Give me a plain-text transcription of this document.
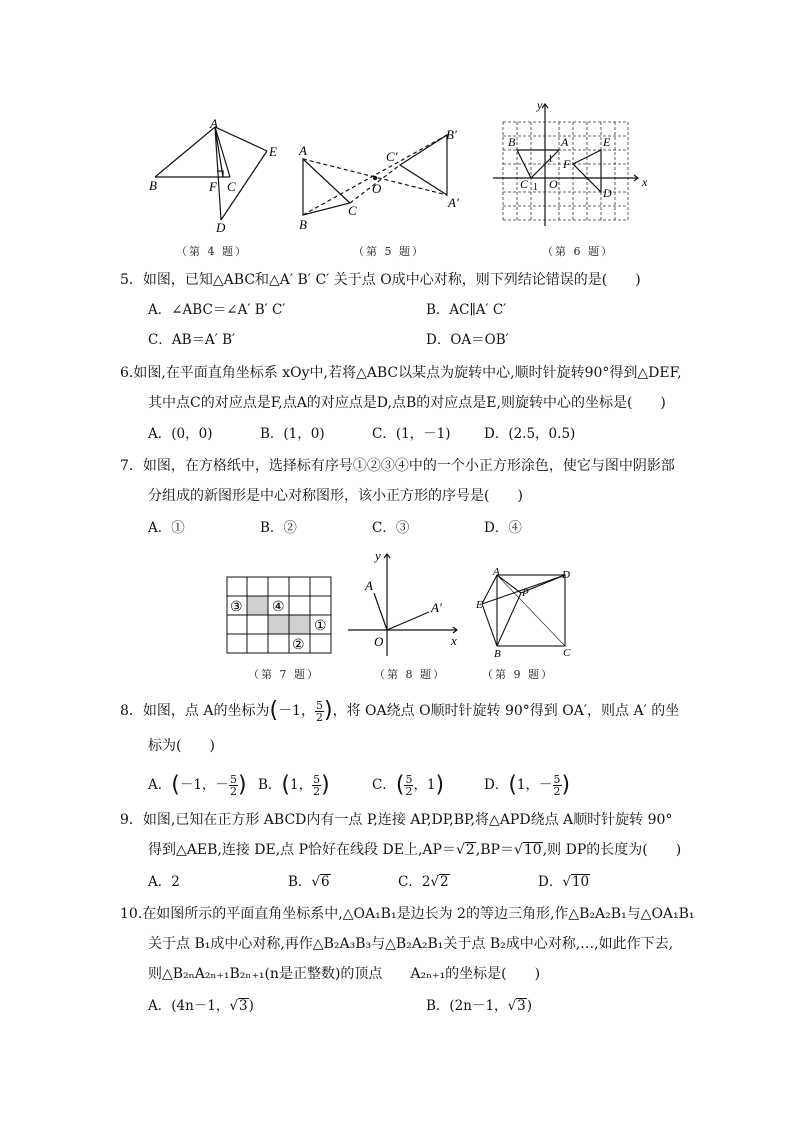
A
E
B	F C
D
（第 4 题）
A
B
C
O
C′
B′
A′
（第 5 题）
y
x
B	A	E
F
C O
1
1	D
（第 6 题）
5．如图，已知△ABC和△A′ B′ C′ 关于点 O成中心对称，则下列结论错误的是(　　)
A．∠ABC＝∠A′ B′ C′	B．AC∥A′ C′
C．AB＝A′ B′	D．OA＝OB′
6.如图,在平面直角坐标系 xOy中,若将△ABC以某点为旋转中心,顺时针旋转90°得到△DEF,
其中点C的对应点是F,点A的对应点是D,点B的对应点是E,则旋转中心的坐标是(　　)
A．(0，0)	B．(1，0)	C．(1，－1) D．(2.5，0.5)
7．如图，在方格纸中，选择标有序号①②③④中的一个小正方形涂色，使它与图中阴影部
分组成的新图形是中心对称图形，该小正方形的序号是(　　)
A．①	B．②	C．③	D．④
③ ④
①
②
（第 7 题）
y
A
A′
O	x
（第 8 题）
A	D
E
P
B	C
（第 9 题）
8．如图，点 A的坐标为(－1， $\frac{5}{2}$ )，将 OA绕点 O顺时针旋转 90°得到 OA′，则点 A′ 的坐
标为(　　)
A．(－1，－ $\frac{5}{2}$ ) B．(1， $\frac{5}{2}$ )	C．( $\frac{5}{2}$ ，1)	D．(1，－ $\frac{5}{2}$ )
9．如图,已知在正方形 ABCD内有一点 P,连接 AP,DP,BP,将△APD绕点 A顺时针旋转 90°
得到△AEB,连接 DE,点 P恰好在线段 DE上,AP＝√2,BP＝√10,则 DP的长度为(　　)
A．2	B．√6	C．2√2	D．√10
10.在如图所示的平面直角坐标系中,△OA₁B₁是边长为 2的等边三角形,作△B₂A₂B₁与△OA₁B₁
关于点 B₁成中心对称,再作△B₂A₃B₃与△B₂A₂B₁关于点 B₂成中心对称,…,如此作下去,
则△B₂ₙA₂ₙ₊₁B₂ₙ₊₁(n是正整数)的顶点　　A₂ₙ₊₁的坐标是(　　)
A．(4n－1，√3)	B．(2n－1，√3)
